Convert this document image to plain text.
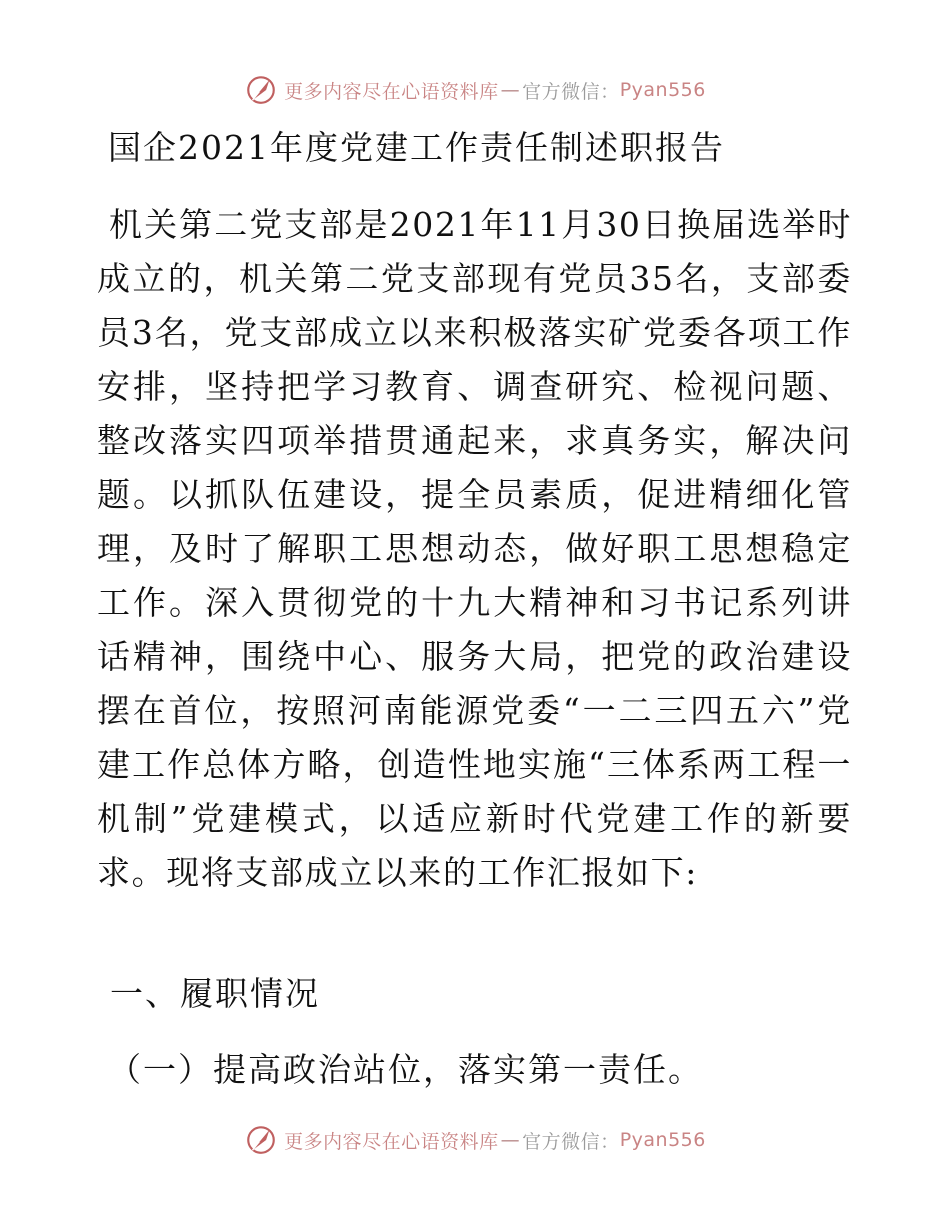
更多内容尽在心语资料库 — 官方微信： Pyan556
国企2021年度党建工作责任制述职报告

机关第二党支部是2021年11月30日换届选举时成立的，机关第二党支部现有党员35名，支部委员3名，党支部成立以来积极落实矿党委各项工作安排，坚持把学习教育、调查研究、检视问题、整改落实四项举措贯通起来，求真务实，解决问题。以抓队伍建设，提全员素质，促进精细化管理，及时了解职工思想动态，做好职工思想稳定工作。深入贯彻党的十九大精神和习书记系列讲话精神，围绕中心、服务大局，把党的政治建设摆在首位，按照河南能源党委“一二三四五六”党建工作总体方略，创造性地实施“三体系两工程一机制”党建模式，以适应新时代党建工作的新要求。现将支部成立以来的工作汇报如下:

一、履职情况
（一）提高政治站位，落实第一责任。
更多内容尽在心语资料库 — 官方微信： Pyan556
